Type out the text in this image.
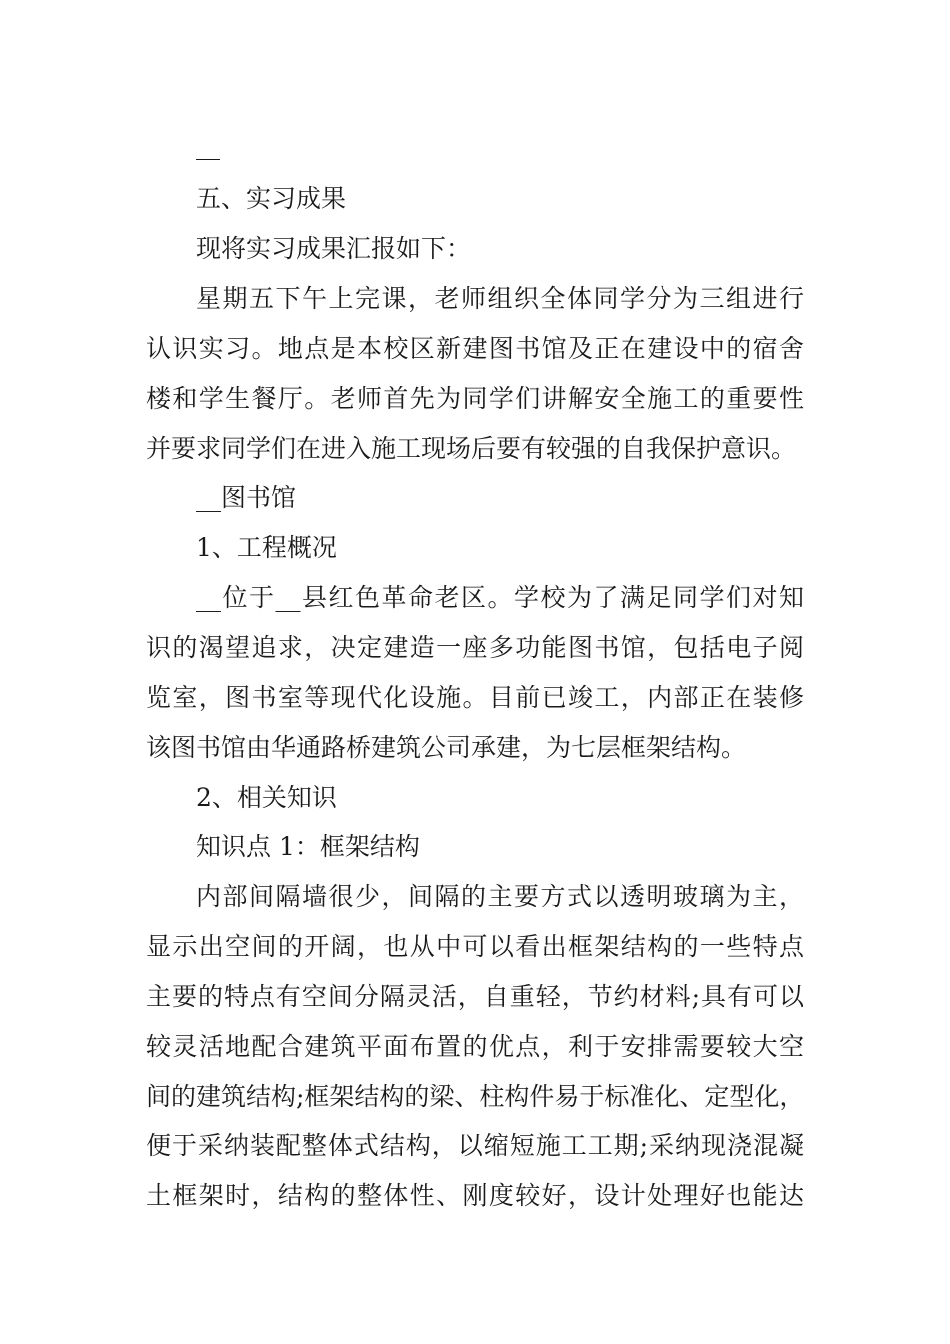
五、实习成果
现将实习成果汇报如下：
星期五下午上完课，老师组织全体同学分为三组进行
认识实习。地点是本校区新建图书馆及正在建设中的宿舍
楼和学生餐厅。老师首先为同学们讲解安全施工的重要性
并要求同学们在进入施工现场后要有较强的自我保护意识。
__图书馆
1、工程概况
__位于__县红色革命老区。学校为了满足同学们对知
识的渴望追求，决定建造一座多功能图书馆，包括电子阅
览室，图书室等现代化设施。目前已竣工，内部正在装修
该图书馆由华通路桥建筑公司承建，为七层框架结构。
2、相关知识
知识点 1：框架结构
内部间隔墙很少，间隔的主要方式以透明玻璃为主，
显示出空间的开阔，也从中可以看出框架结构的一些特点
主要的特点有空间分隔灵活，自重轻，节约材料;具有可以
较灵活地配合建筑平面布置的优点，利于安排需要较大空
间的建筑结构;框架结构的梁、柱构件易于标准化、定型化，
便于采纳装配整体式结构，以缩短施工工期;采纳现浇混凝
土框架时，结构的整体性、刚度较好，设计处理好也能达
